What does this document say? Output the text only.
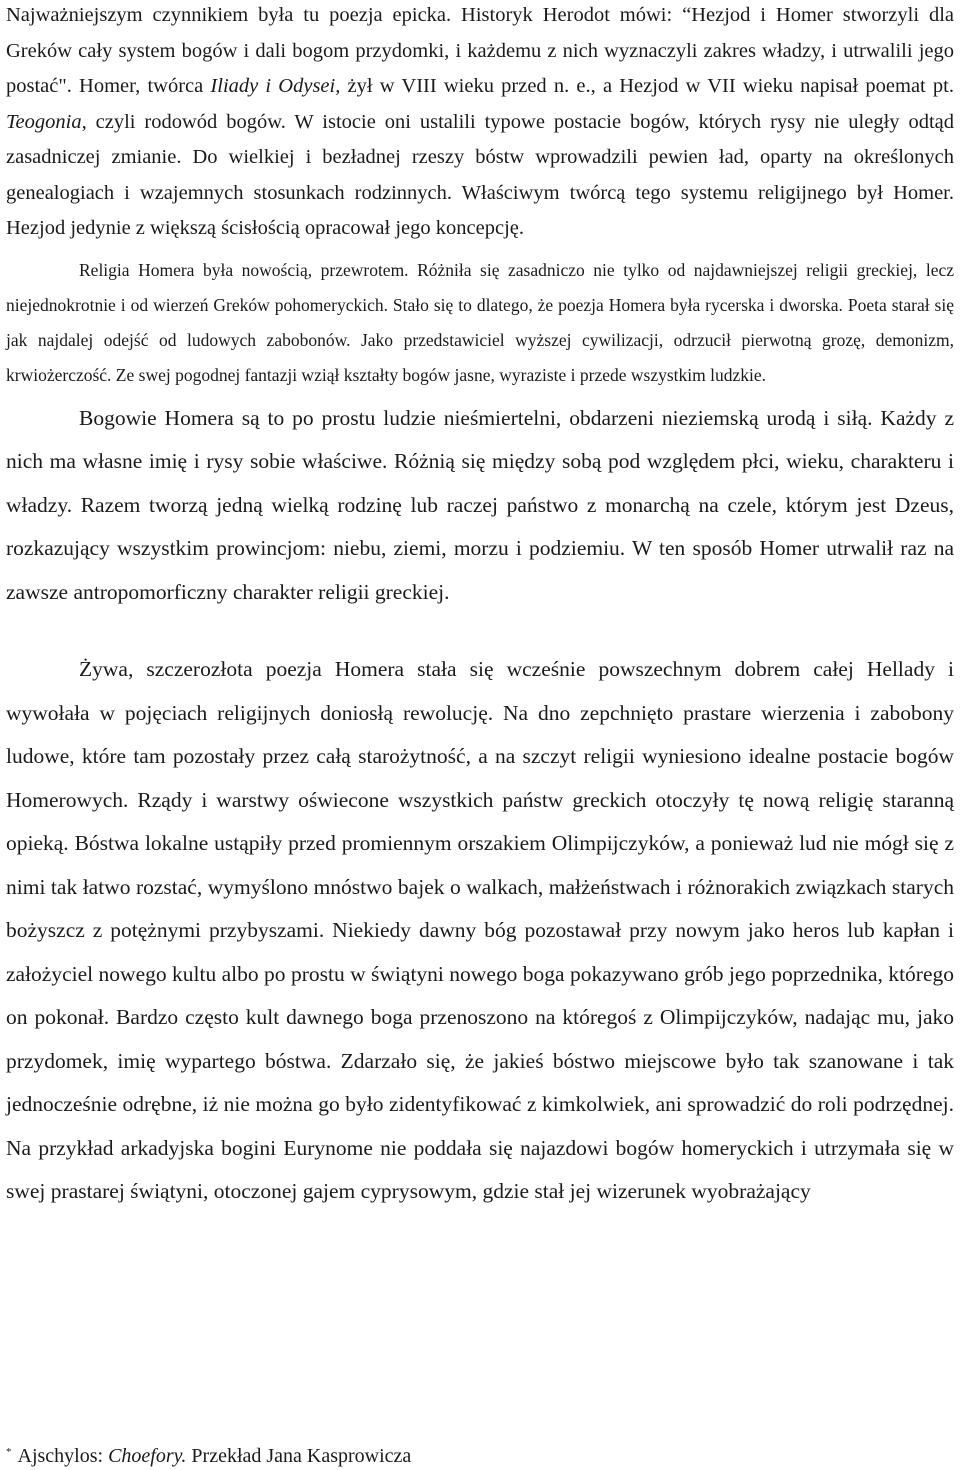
Najważniejszym czynnikiem była tu poezja epicka. Historyk Herodot mówi: “Hezjod i Homer stworzyli dla Greków cały system bogów i dali bogom przydomki, i każdemu z nich wyznaczyli zakres władzy, i utrwalili jego postać". Homer, twórca Iliady i Odysei, żył w VIII wieku przed n. e., a Hezjod w VII wieku napisał poemat pt. Teogonia, czyli rodowód bogów. W istocie oni ustalili typowe postacie bogów, których rysy nie uległy odtąd zasadniczej zmianie. Do wielkiej i bezładnej rzeszy bóstw wprowadzili pewien ład, oparty na określonych genealogiach i wzajemnych stosunkach rodzinnych. Właściwym twórcą tego systemu religijnego był Homer. Hezjod jedynie z większą ścisłością opracował jego koncepcję.

Religia Homera była nowością, przewrotem. Różniła się zasadniczo nie tylko od najdawniejszej religii greckiej, lecz niejednokrotnie i od wierzeń Greków pohomeryckich. Stało się to dlatego, że poezja Homera była rycerska i dworska. Poeta starał się jak najdalej odejść od ludowych zabobonów. Jako przedstawiciel wyższej cywilizacji, odrzucił pierwotną grozę, demonizm, krwiożerczość. Ze swej pogodnej fantazji wziął kształty bogów jasne, wyraziste i przede wszystkim ludzkie.

Bogowie Homera są to po prostu ludzie nieśmiertelni, obdarzeni nieziemską urodą i siłą. Każdy z nich ma własne imię i rysy sobie właściwe. Różnią się między sobą pod względem płci, wieku, charakteru i władzy. Razem tworzą jedną wielką rodzinę lub raczej państwo z monarchą na czele, którym jest Dzeus, rozkazujący wszystkim prowincjom: niebu, ziemi, morzu i podziemiu. W ten sposób Homer utrwalił raz na zawsze antropomorficzny charakter religii greckiej.

Żywa, szczerozłota poezja Homera stała się wcześnie powszechnym dobrem całej Hellady i wywołała w pojęciach religijnych doniosłą rewolucję. Na dno zepchnięto prastare wierzenia i zabobony ludowe, które tam pozostały przez całą starożytność, a na szczyt religii wyniesiono idealne postacie bogów Homerowych. Rządy i warstwy oświecone wszystkich państw greckich otoczyły tę nową religię staranną opieką. Bóstwa lokalne ustąpiły przed promiennym orszakiem Olimpijczyków, a ponieważ lud nie mógł się z nimi tak łatwo rozstać, wymyślono mnóstwo bajek o walkach, małżeństwach i różnorakich związkach starych bożyszcz z potężnymi przybyszami. Niekiedy dawny bóg pozostawał przy nowym jako heros lub kapłan i założyciel nowego kultu albo po prostu w świątyni nowego boga pokazywano grób jego poprzednika, którego on pokonał. Bardzo często kult dawnego boga przenoszono na któregoś z Olimpijczyków, nadając mu, jako przydomek, imię wypartego bóstwa. Zdarzało się, że jakieś bóstwo miejscowe było tak szanowane i tak jednocześnie odrębne, iż nie można go było zidentyfikować z kimkolwiek, ani sprowadzić do roli podrzędnej. Na przykład arkadyjska bogini Eurynome nie poddała się najazdowi bogów homeryckich i utrzymała się w swej prastarej świątyni, otoczonej gajem cyprysowym, gdzie stał jej wizerunek wyobrażający

* Ajschylos: Choefory. Przekład Jana Kasprowicza
